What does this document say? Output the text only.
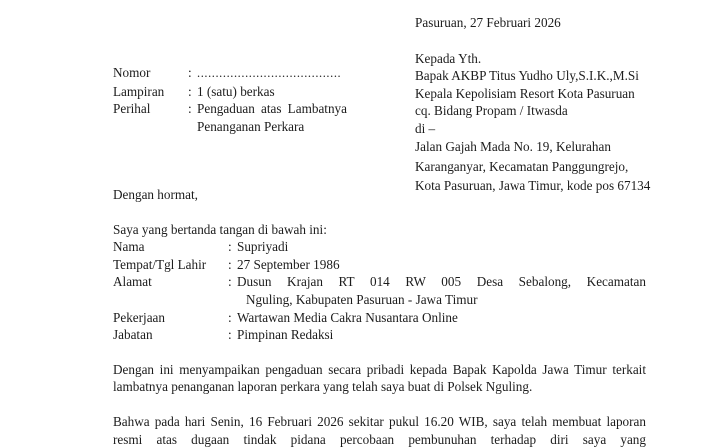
Pasuruan, 27 Februari 2026
Kepada Yth.
Bapak AKBP Titus Yudho Uly,S.I.K.,M.Si
Kepala Kepolisiam Resort Kota Pasuruan
cq. Bidang Propam / Itwasda
di –
Jalan Gajah Mada No. 19, Kelurahan
Karanganyar, Kecamatan Panggungrejo,
Kota Pasuruan, Jawa Timur, kode pos 67134
Nomor	: .......................................
Lampiran	: 1 (satu) berkas
Perihal	: Pengaduan atas Lambatnya
Penanganan Perkara
Dengan hormat,
Saya yang bertanda tangan di bawah ini:
Nama	: Supriyadi
Tempat/Tgl Lahir	: 27 September 1986
Alamat	: Dusun Krajan RT 014 RW 005 Desa Sebalong, Kecamatan
Nguling, Kabupaten Pasuruan - Jawa Timur
Pekerjaan	: Wartawan Media Cakra Nusantara Online
Jabatan	: Pimpinan Redaksi

Dengan ini menyampaikan pengaduan secara pribadi kepada Bapak Kapolda Jawa Timur terkait lambatnya penanganan laporan perkara yang telah saya buat di Polsek Nguling.

Bahwa pada hari Senin, 16 Februari 2026 sekitar pukul 16.20 WIB, saya telah membuat laporan resmi atas dugaan tindak pidana percobaan pembunuhan terhadap diri saya yang
